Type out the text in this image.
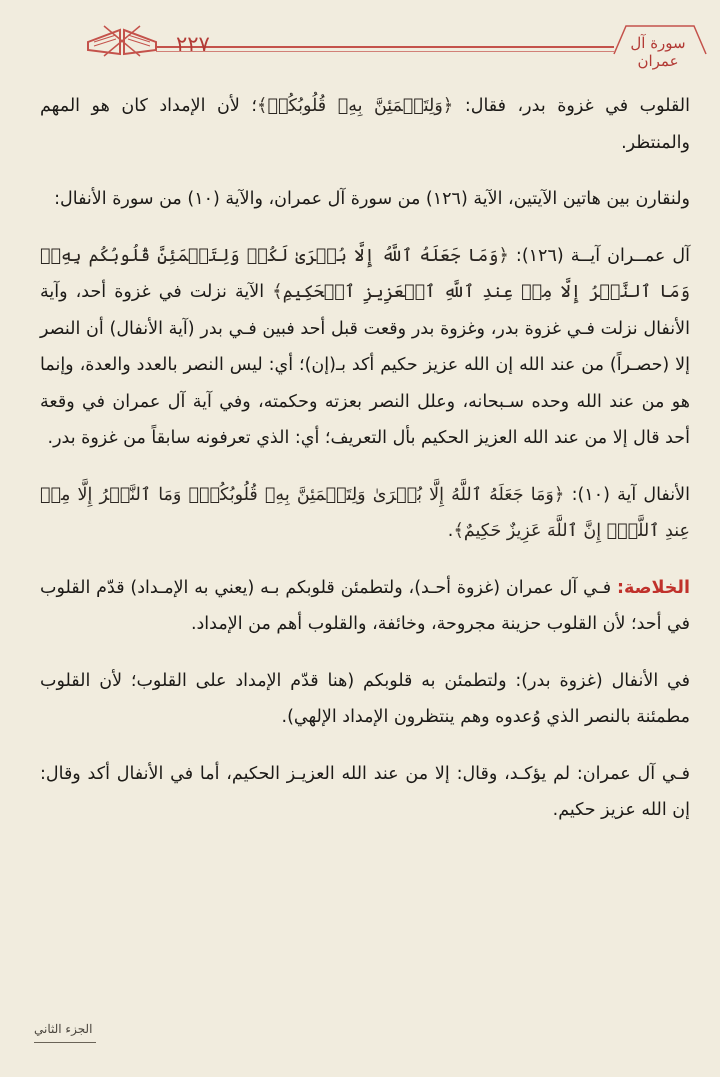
٢٢٧	سورة آل عمران

القلوب في غزوة بدر، فقال: ﴿وَلِتَطۡمَئِنَّ بِهِۦ قُلُوبُكُمۡ﴾؛ لأن الإمداد كان هو المهم والمنتظر.

ولنقارن بين هاتين الآيتين، الآية (١٢٦) من سورة آل عمران، والآية (١٠) من سورة الأنفال:

آل عمــران آيــة (١٢٦): ﴿وَمَا جَعَلَهُ ٱللَّهُ إِلَّا بُشۡرَىٰ لَكُمۡ وَلِتَطۡمَئِنَّ قُلُوبُكُم بِهِۦۗ وَمَا ٱلنَّصۡرُ إِلَّا مِنۡ عِندِ ٱللَّهِ ٱلۡعَزِيزِ ٱلۡحَكِيمِ﴾ الآية نزلت في غزوة أحد، وآية الأنفال نزلت فـي غزوة بدر، وغزوة بدر وقعت قبل أحد فبين فـي بدر (آية الأنفال) أن النصر إلا (حصـراً) من عند الله إن الله عزيز حكيم أكد بـ(إن)؛ أي: ليس النصر بالعدد والعدة، وإنما هو من عند الله وحده سـبحانه، وعلل النصر بعزته وحكمته، وفي آية آل عمران في وقعة أحد قال إلا من عند الله العزيز الحكيم بأل التعريف؛ أي: الذي تعرفونه سابقاً من غزوة بدر.

الأنفال آية (١٠): ﴿وَمَا جَعَلَهُ ٱللَّهُ إِلَّا بُشۡرَىٰ وَلِتَطۡمَئِنَّ بِهِۦ قُلُوبُكُمۡۚ وَمَا ٱلنَّصۡرُ إِلَّا مِنۡ عِندِ ٱللَّهِۚ إِنَّ ٱللَّهَ عَزِيزٌ حَكِيمٌ﴾.

الخلاصة: فـي آل عمران (غزوة أحـد)، ولتطمئن قلوبكم بـه (يعني به الإمـداد) قدّم القلوب في أحد؛ لأن القلوب حزينة مجروحة، وخائفة، والقلوب أهم من الإمداد.

في الأنفال (غزوة بدر): ولتطمئن به قلوبكم (هنا قدّم الإمداد على القلوب؛ لأن القلوب مطمئنة بالنصر الذي وُعدوه وهم ينتظرون الإمداد الإلهي).

فـي آل عمران: لم يؤكـد، وقال: إلا من عند الله العزيـز الحكيم، أما في الأنفال أكد وقال: إن الله عزيز حكيم.

الجزء الثاني
